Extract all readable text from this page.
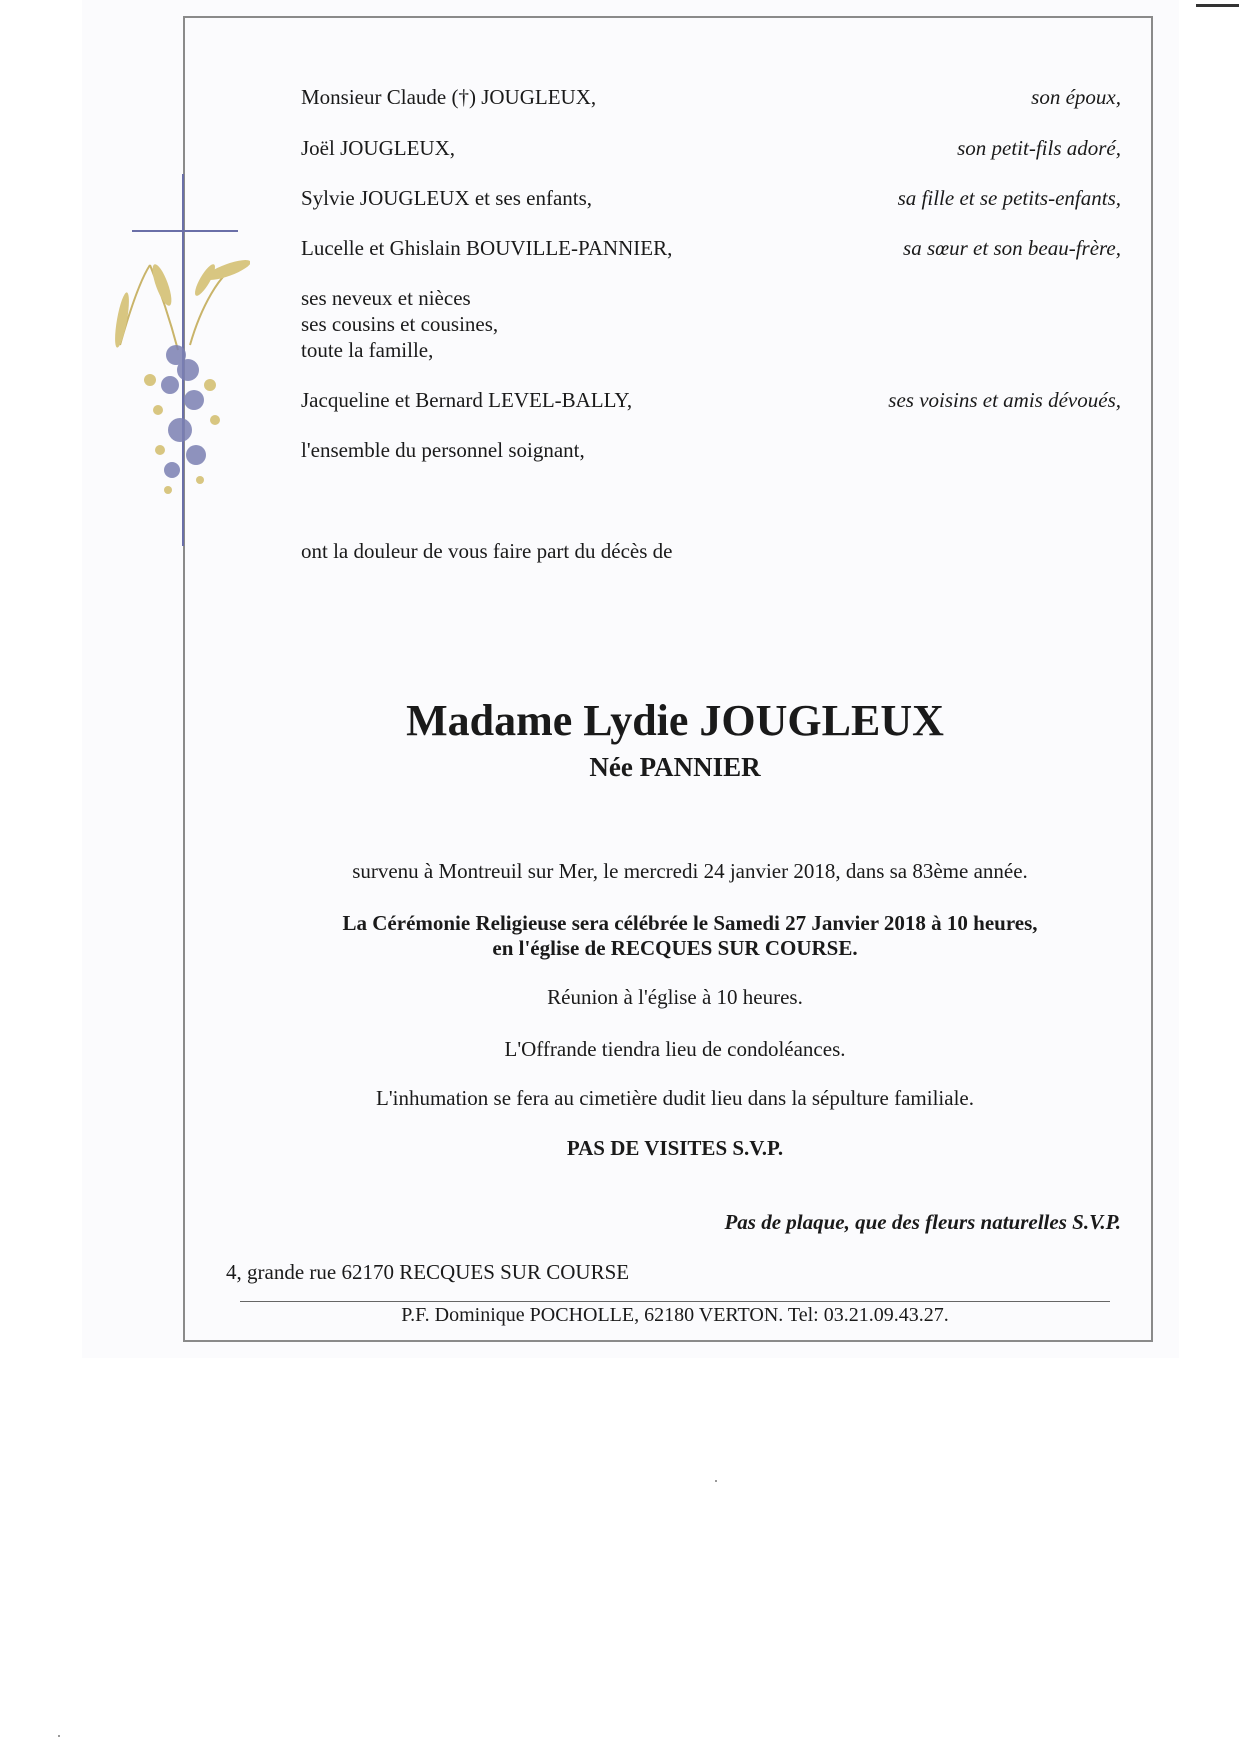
Monsieur Claude (†) JOUGLEUX,	son époux,
Joël JOUGLEUX,	son petit-fils adoré,
Sylvie JOUGLEUX et ses enfants,	sa fille et se petits-enfants,
Lucelle et Ghislain BOUVILLE-PANNIER,	sa sœur et son beau-frère,
ses neveux et nièces
ses cousins et cousines,
toute la famille,
Jacqueline et Bernard LEVEL-BALLY,	ses voisins et amis dévoués,
l'ensemble du personnel soignant,
ont la douleur de vous faire part du décès de
Madame Lydie JOUGLEUX
Née PANNIER
survenu à Montreuil sur Mer, le mercredi 24 janvier 2018, dans sa 83ème année.
La Cérémonie Religieuse sera célébrée le Samedi 27 Janvier 2018 à 10 heures,
en l'église de RECQUES SUR COURSE.
Réunion à l'église à 10 heures.
L'Offrande tiendra lieu de condoléances.
L'inhumation se fera au cimetière dudit lieu dans la sépulture familiale.
PAS DE VISITES S.V.P.
Pas de plaque, que des fleurs naturelles S.V.P.
4, grande rue 62170 RECQUES SUR COURSE
P.F. Dominique POCHOLLE, 62180 VERTON. Tel: 03.21.09.43.27.
